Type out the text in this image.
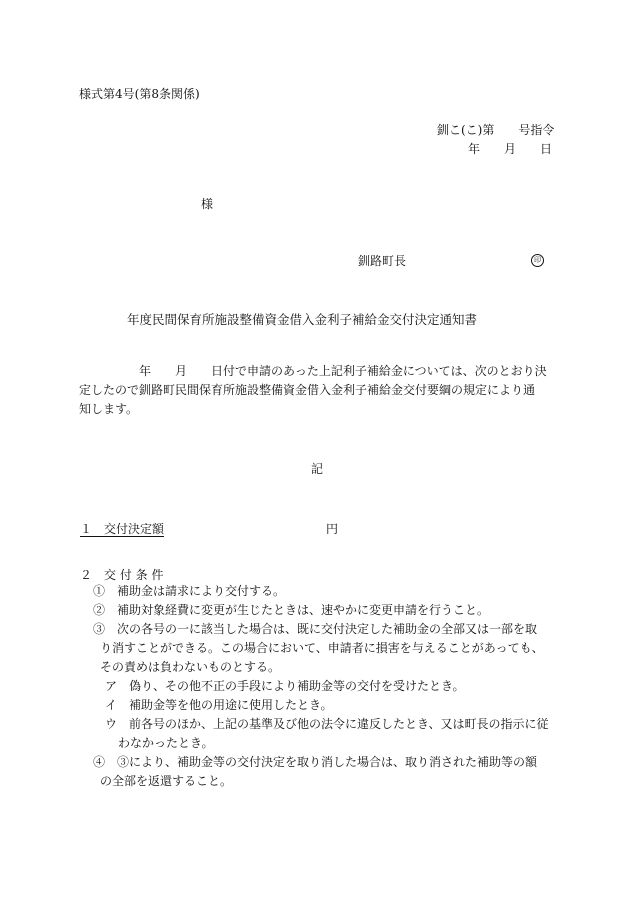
様式第4号(第8条関係)
釧こ(こ)第　　号指令
年　　月　　日
様
釧路町長	印
年度民間保育所施設整備資金借入金利子補給金交付決定通知書

年　　月　　日付で申請のあった上記利子補給金については、次のとおり決

定したので釧路町民間保育所施設整備資金借入金利子補給金交付要綱の規定により通

知します。

記
１　交付決定額	円
２　交 付 条 件

①　 補助金は請求により交付する。

②　 補助対象経費に変更が生じたときは、速やかに変更申請を行うこと。

③　 次の各号の一に該当した場合は、既に交付決定した補助金の全部又は一部を取

り消すことができる。この場合において、申請者に損害を与えることがあっても、

その責めは負わないものとする。

ア　 偽り、その他不正の手段により補助金等の交付を受けたとき。

イ　 補助金等を他の用途に使用したとき。

ウ　 前各号のほか、上記の基準及び他の法令に違反したとき、又は町長の指示に従

わなかったとき。

④　 ③により、補助金等の交付決定を取り消した場合は、取り消された補助等の額

の全部を返還すること。
